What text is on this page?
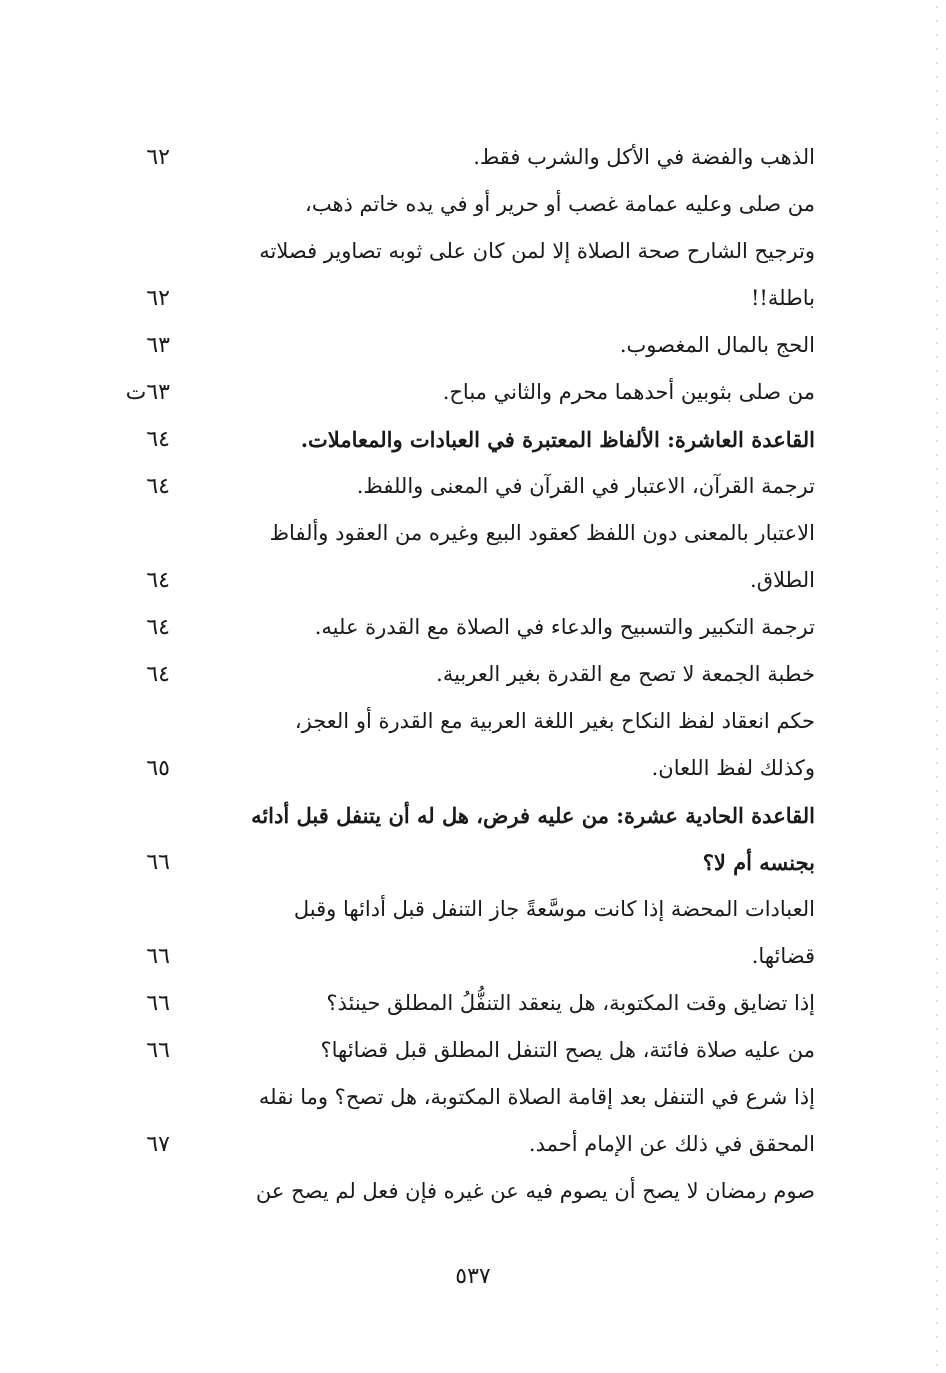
الذهب والفضة في الأكل والشرب فقط.
٦٢
من صلى وعليه عمامة غصب أو حرير أو في يده خاتم ذهب،
وترجيح الشارح صحة الصلاة إلا لمن كان على ثوبه تصاوير فصلاته
باطلة!!
٦٢
الحج بالمال المغصوب.
٦٣
من صلى بثوبين أحدهما محرم والثاني مباح.
٦٣ت
القاعدة العاشرة: الألفاظ المعتبرة في العبادات والمعاملات.
٦٤
ترجمة القرآن، الاعتبار في القرآن في المعنى واللفظ.
٦٤
الاعتبار بالمعنى دون اللفظ كعقود البيع وغيره من العقود وألفاظ
الطلاق.
٦٤
ترجمة التكبير والتسبيح والدعاء في الصلاة مع القدرة عليه.
٦٤
خطبة الجمعة لا تصح مع القدرة بغير العربية.
٦٤
حكم انعقاد لفظ النكاح بغير اللغة العربية مع القدرة أو العجز،
وكذلك لفظ اللعان.
٦٥
القاعدة الحادية عشرة: من عليه فرض، هل له أن يتنفل قبل أدائه
بجنسه أم لا؟
٦٦
العبادات المحضة إذا كانت موسَّعةً جاز التنفل قبل أدائها وقبل
قضائها.
٦٦
إذا تضايق وقت المكتوبة، هل ينعقد التنفُّلُ المطلق حينئذ؟
٦٦
من عليه صلاة فائتة، هل يصح التنفل المطلق قبل قضائها؟
٦٦
إذا شرع في التنفل بعد إقامة الصلاة المكتوبة، هل تصح؟ وما نقله
المحقق في ذلك عن الإمام أحمد.
٦٧
صوم رمضان لا يصح أن يصوم فيه عن غيره فإن فعل لم يصح عن
٥٣٧
